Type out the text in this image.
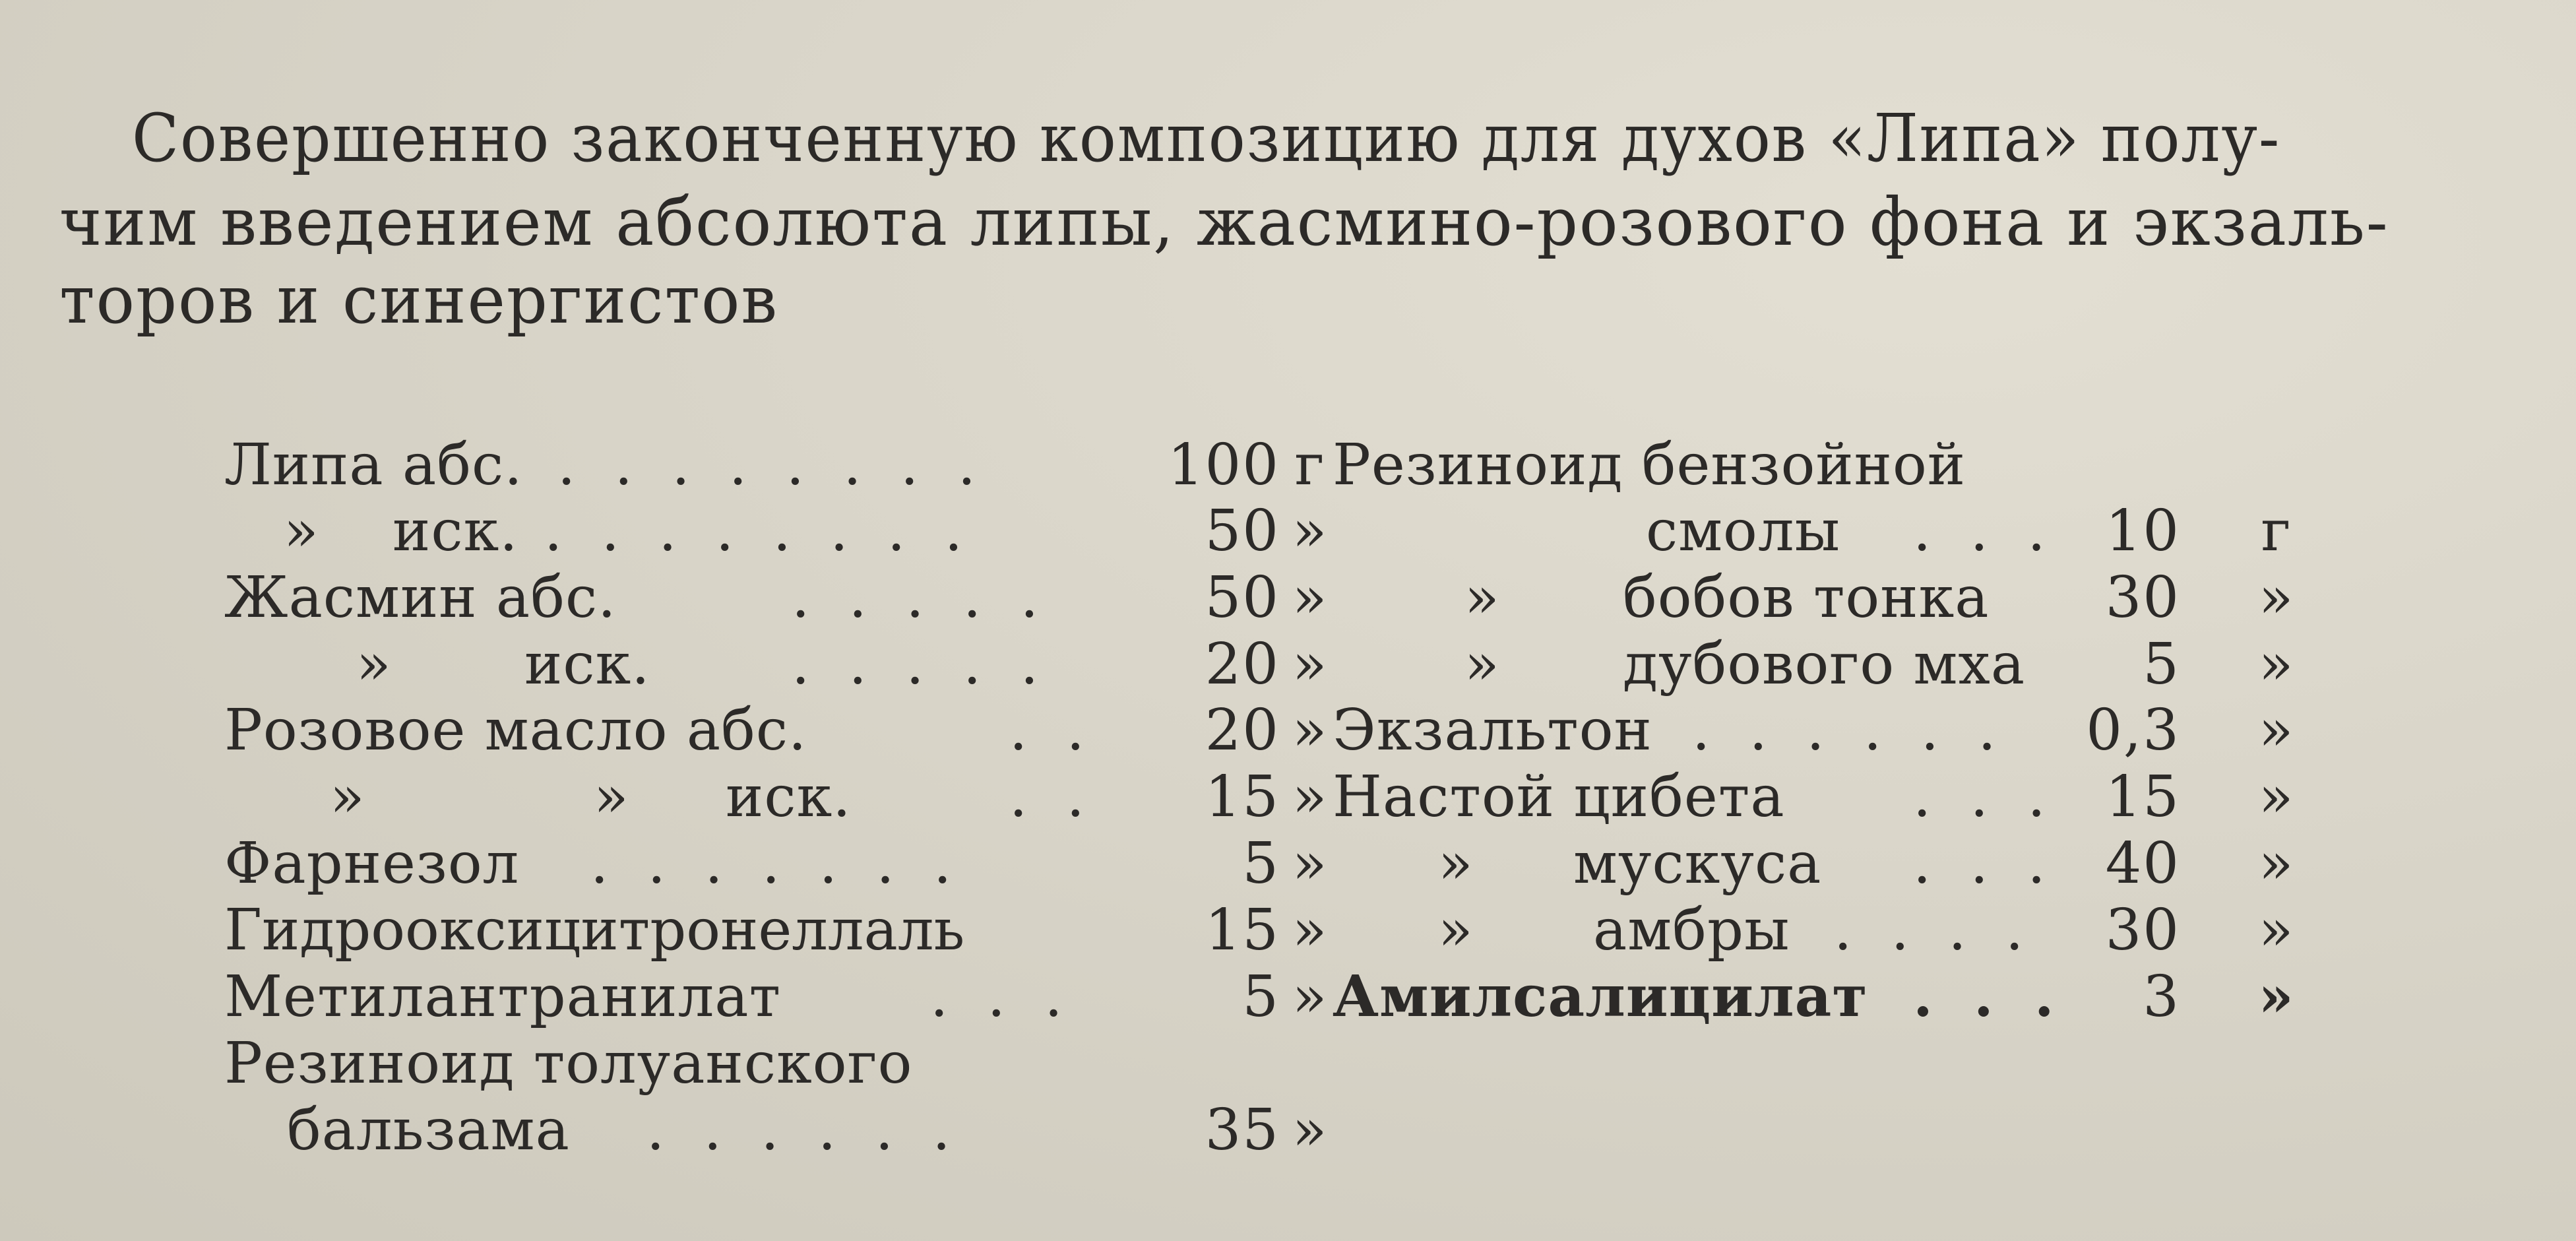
Совершенно законченную композицию для духов «Липа» полу-
чим введением абсолюта липы, жасмино-розового фона и экзаль-
торов и синергистов
Липа абс. . . . . . . . .	100 г
» иск. . . . . . . . .	50 »
Жасмин абс.	. . . . .	50 »
» иск. . . . . .	20 »
Розовое масло абс.	. .	20 »
»	» иск.	. .	15 »
Фарнезол . . . . . . .	5 »
Гидрооксицитронеллаль	15 »
Метилантранилат	. . .	5 »
Резиноид толуанского
бальзама . . . . . .	35 »
Резиноид бензойной
смолы . . . 10 г
» бобов тонка	30 »
» дубового мха	5 »
Экзальтон . . . . . .	0,3 »
Настой цибета . . . 15 »
» мускуса . . . 40 »
» амбры . . . .	30 »
Амилсалицилат . . .	3 »
